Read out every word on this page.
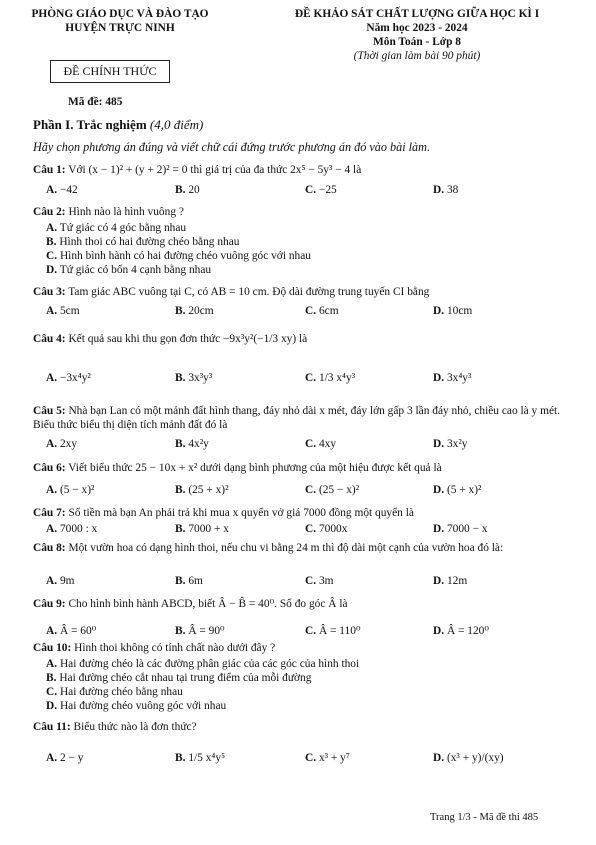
PHÒNG GIÁO DỤC VÀ ĐÀO TẠO
HUYỆN TRỰC NINH
ĐỀ CHÍNH THỨC
ĐỀ KHẢO SÁT CHẤT LƯỢNG GIỮA HỌC KÌ I
Năm học 2023 - 2024
Môn Toán - Lớp 8
(Thời gian làm bài 90 phút)
Mã đề: 485
Phần I. Trắc nghiệm (4,0 điểm)
Hãy chọn phương án đúng và viết chữ cái đứng trước phương án đó vào bài làm.
Câu 1: Với (x − 1)² + (y + 2)² = 0 thì giá trị của đa thức 2x⁵ − 5y³ − 4 là
A. −42	B. 20	C. −25	D. 38
Câu 2: Hình nào là hình vuông ?
A. Tứ giác có 4 góc bằng nhau
B. Hình thoi có hai đường chéo bằng nhau
C. Hình bình hành có hai đường chéo vuông góc với nhau
D. Tứ giác có bốn 4 cạnh bằng nhau
Câu 3: Tam giác ABC vuông tại C, có AB = 10 cm. Độ dài đường trung tuyến CI bằng
A. 5cm	B. 20cm	C. 6cm	D. 10cm
Câu 4: Kết quả sau khi thu gọn đơn thức −9x³y²(−1/3 xy) là
A. −3x⁴y²	B. 3x³y³	C. 1/3 x⁴y³	D. 3x⁴y³
Câu 5: Nhà bạn Lan có một mảnh đất hình thang, đáy nhỏ dài x mét, đáy lớn gấp 3 lần đáy nhỏ, chiều cao là y mét. Biểu thức biểu thị diện tích mảnh đất đó là
A. 2xy	B. 4x²y	C. 4xy	D. 3x²y
Câu 6: Viết biểu thức 25 − 10x + x² dưới dạng bình phương của một hiệu được kết quả là
A. (5 − x)²	B. (25 + x)²	C. (25 − x)²	D. (5 + x)²
Câu 7: Số tiền mà bạn An phải trả khi mua x quyển vở giá 7000 đồng một quyển là
A. 7000 : x	B. 7000 + x	C. 7000x	D. 7000 − x
Câu 8: Một vườn hoa có dạng hình thoi, nếu chu vi bằng 24 m thì độ dài một cạnh của vườn hoa đó là:
A. 9m	B. 6m	C. 3m	D. 12m
Câu 9: Cho hình bình hành ABCD, biết Â − B̂ = 40⁰. Số đo góc Â là
A. Â = 60⁰	B. Â = 90⁰	C. Â = 110⁰	D. Â = 120⁰
Câu 10: Hình thoi không có tính chất nào dưới đây ?
A. Hai đường chéo là các đường phân giác của các góc của hình thoi
B. Hai đường chéo cắt nhau tại trung điểm của mỗi đường
C. Hai đường chéo bằng nhau
D. Hai đường chéo vuông góc với nhau
Câu 11: Biểu thức nào là đơn thức?
A. 2 − y	B. 1/5 x⁴y⁵	C. x³ + y⁷	D. (x³ + y)/(xy)
Trang 1/3 - Mã đề thi 485
